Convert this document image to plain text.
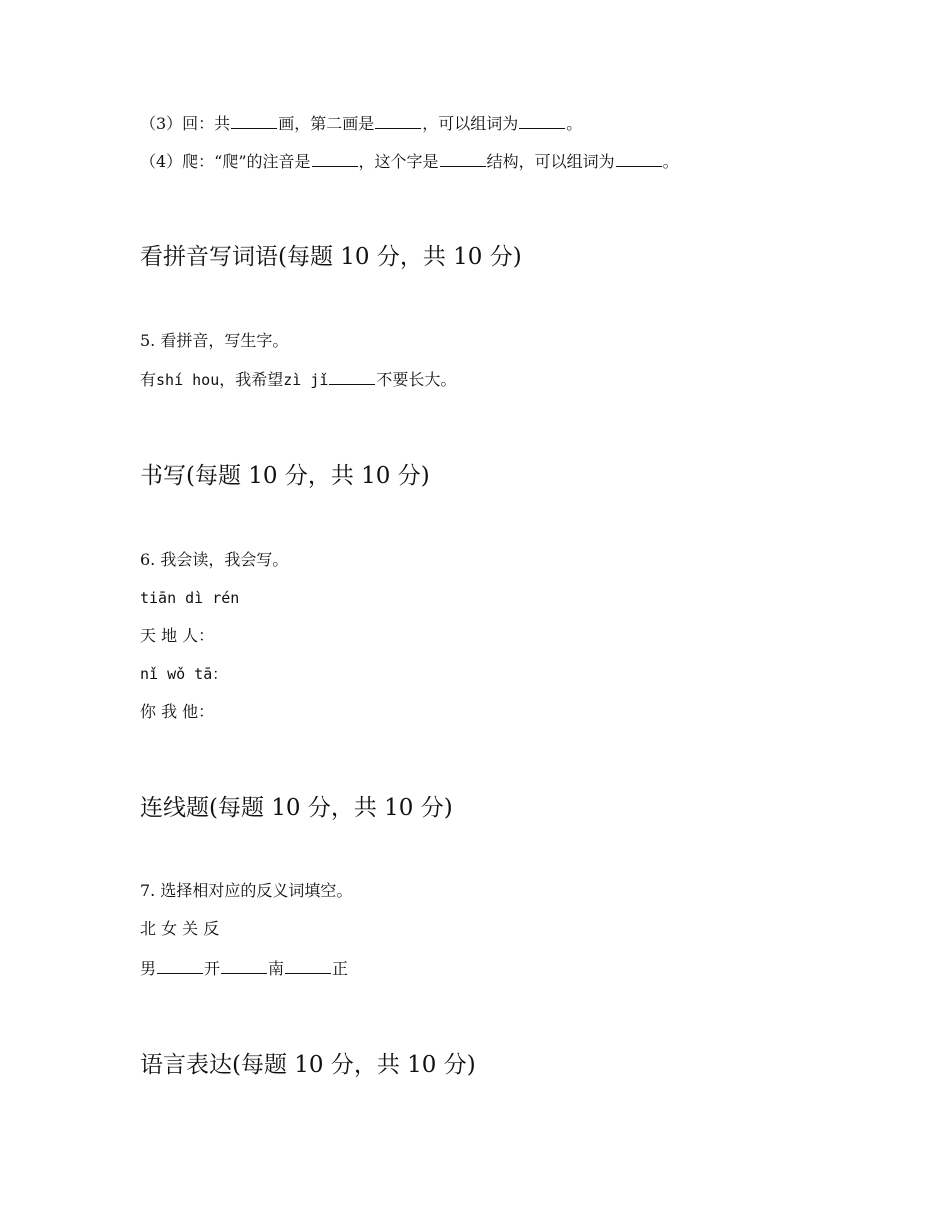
（3）回：共	画，第二画是	，可以组词为	。
（4）爬：“爬”的注音是	，这个字是	结构，可以组词为	。
看拼音写词语(每题 10 分，共 10 分)
5. 看拼音，写生字。
有shí hou，我希望zì jǐ	不要长大。
书写(每题 10 分，共 10 分)
6. 我会读，我会写。
tiān dì rén
天 地 人：
nǐ wǒ tā：
你 我 他：
连线题(每题 10 分，共 10 分)
7. 选择相对应的反义词填空。
北 女 关 反
男	开	南	正
语言表达(每题 10 分，共 10 分)
